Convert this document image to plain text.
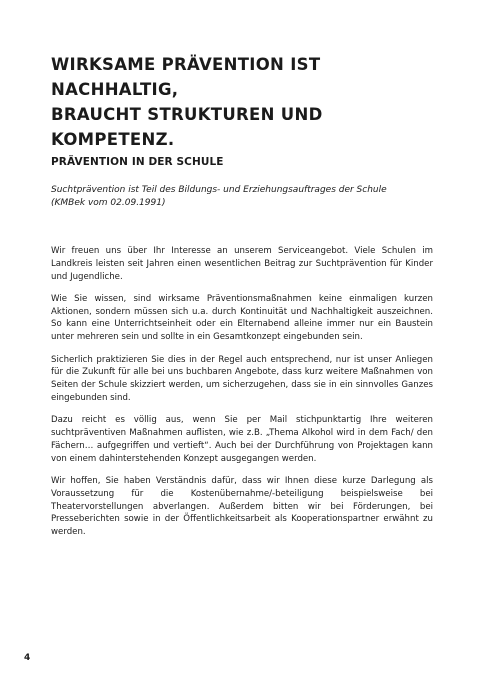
WIRKSAME PRÄVENTION IST NACHHALTIG,
BRAUCHT STRUKTUREN UND KOMPETENZ.
PRÄVENTION IN DER SCHULE

Suchtprävention ist Teil des Bildungs- und Erziehungsauftrages der Schule
(KMBek vom 02.09.1991)

Wir freuen uns über Ihr Interesse an unserem Serviceangebot. Viele Schulen im Landkreis leisten seit Jahren einen wesentlichen Beitrag zur Suchtprävention für Kinder und Jugendliche.

Wie Sie wissen, sind wirksame Präventionsmaßnahmen keine einmaligen kurzen Aktionen, sondern müssen sich u.a. durch Kontinuität und Nachhaltigkeit auszeichnen. So kann eine Unterrichtseinheit oder ein Elternabend alleine immer nur ein Baustein unter mehreren sein und sollte in ein Gesamtkonzept eingebunden sein.

Sicherlich praktizieren Sie dies in der Regel auch entsprechend, nur ist unser Anliegen für die Zukunft für alle bei uns buchbaren Angebote, dass kurz weitere Maßnahmen von Seiten der Schule skizziert werden, um sicherzugehen, dass sie in ein sinnvolles Ganzes eingebunden sind.

Dazu reicht es völlig aus, wenn Sie per Mail stichpunktartig Ihre weiteren suchtpräventiven Maßnahmen auflisten, wie z.B. „Thema Alkohol wird in dem Fach/ den Fächern… aufgegriffen und vertieft“. Auch bei der Durchführung von Projektagen kann von einem dahinterstehenden Konzept ausgegangen werden.

Wir hoffen, Sie haben Verständnis dafür, dass wir Ihnen diese kurze Darlegung als Voraussetzung für die Kostenübernahme/-beteiligung beispielsweise bei Theatervorstellungen abverlangen. Außerdem bitten wir bei Förderungen, bei Presseberichten sowie in der Öffentlichkeitsarbeit als Kooperationspartner erwähnt zu werden.

4
